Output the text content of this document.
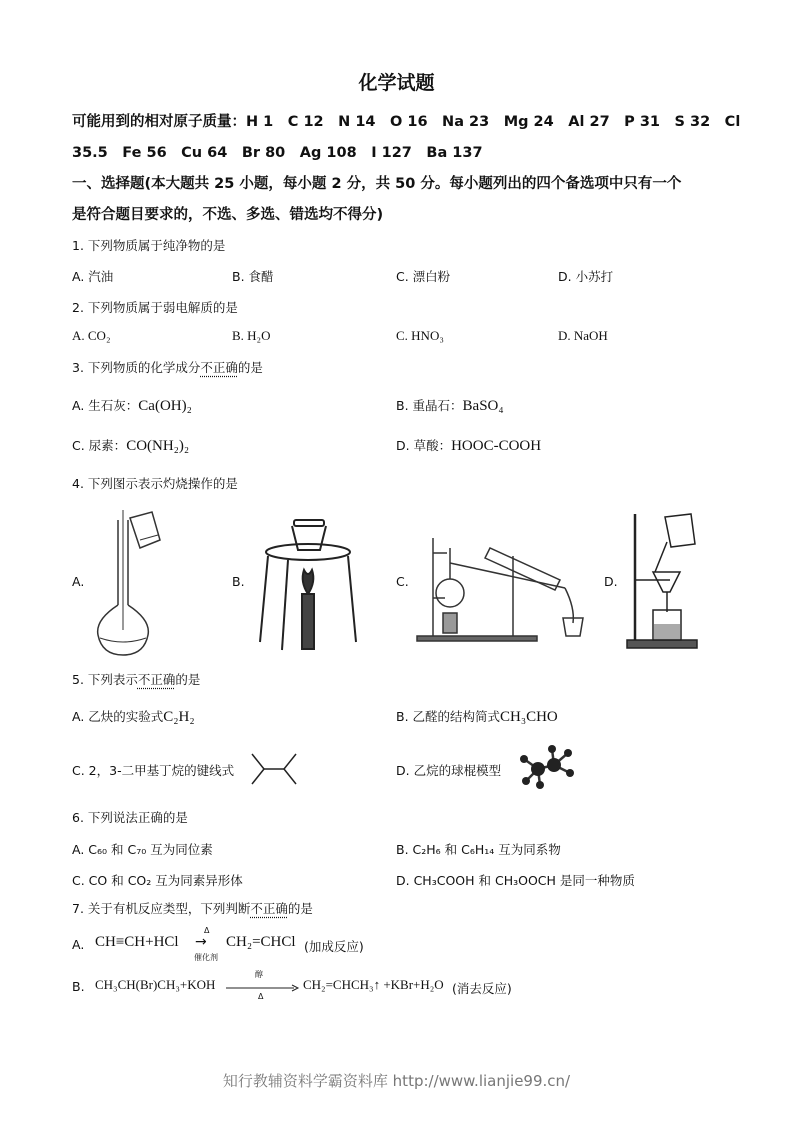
化学试题
可能用到的相对原子质量：H 1　C 12　N 14　O 16　Na 23　Mg 24　Al 27　P 31　S 32　Cl
35.5　Fe 56　Cu 64　Br 80　Ag 108　I 127　Ba 137
一、选择题(本大题共 25 小题，每小题 2 分，共 50 分。每小题列出的四个备选项中只有一个
是符合题目要求的，不选、多选、错选均不得分)
1. 下列物质属于纯净物的是
A. 汽油	B. 食醋	C. 漂白粉	D. 小苏打
2. 下列物质属于弱电解质的是
A. CO₂	B. H₂O	C. HNO₃	D. NaOH
3. 下列物质的化学成分不正确的是
A. 生石灰：Ca(OH)₂	B. 重晶石：BaSO₄
C. 尿素：CO(NH₂)₂	D. 草酸：HOOC-COOH
4. 下列图示表示灼烧操作的是
A.	B.	C.	D.
5. 下列表示不正确的是
A. 乙炔的实验式C₂H₂	B. 乙醛的结构简式CH₃CHO
C. 2，3-二甲基丁烷的键线式	D. 乙烷的球棍模型
6. 下列说法正确的是
A. C₆₀ 和 C₇₀ 互为同位素	B. C₂H₆ 和 C₆H₁₄ 互为同系物
C. CO 和 CO₂ 互为同素异形体	D. CH₃COOH 和 CH₃OOCH 是同一种物质
7. 关于有机反应类型，下列判断不正确的是
A. CH≡CH+HCl
Δ
→
催化剂
CH₂=CHCl (加成反应)
B. CH₃CH(Br)CH₃+KOH
醇
Δ
CH₂=CHCH₃↑ +KBr+H₂O (消去反应)
知行教辅资料学霸资料库 http://www.lianjie99.cn/
